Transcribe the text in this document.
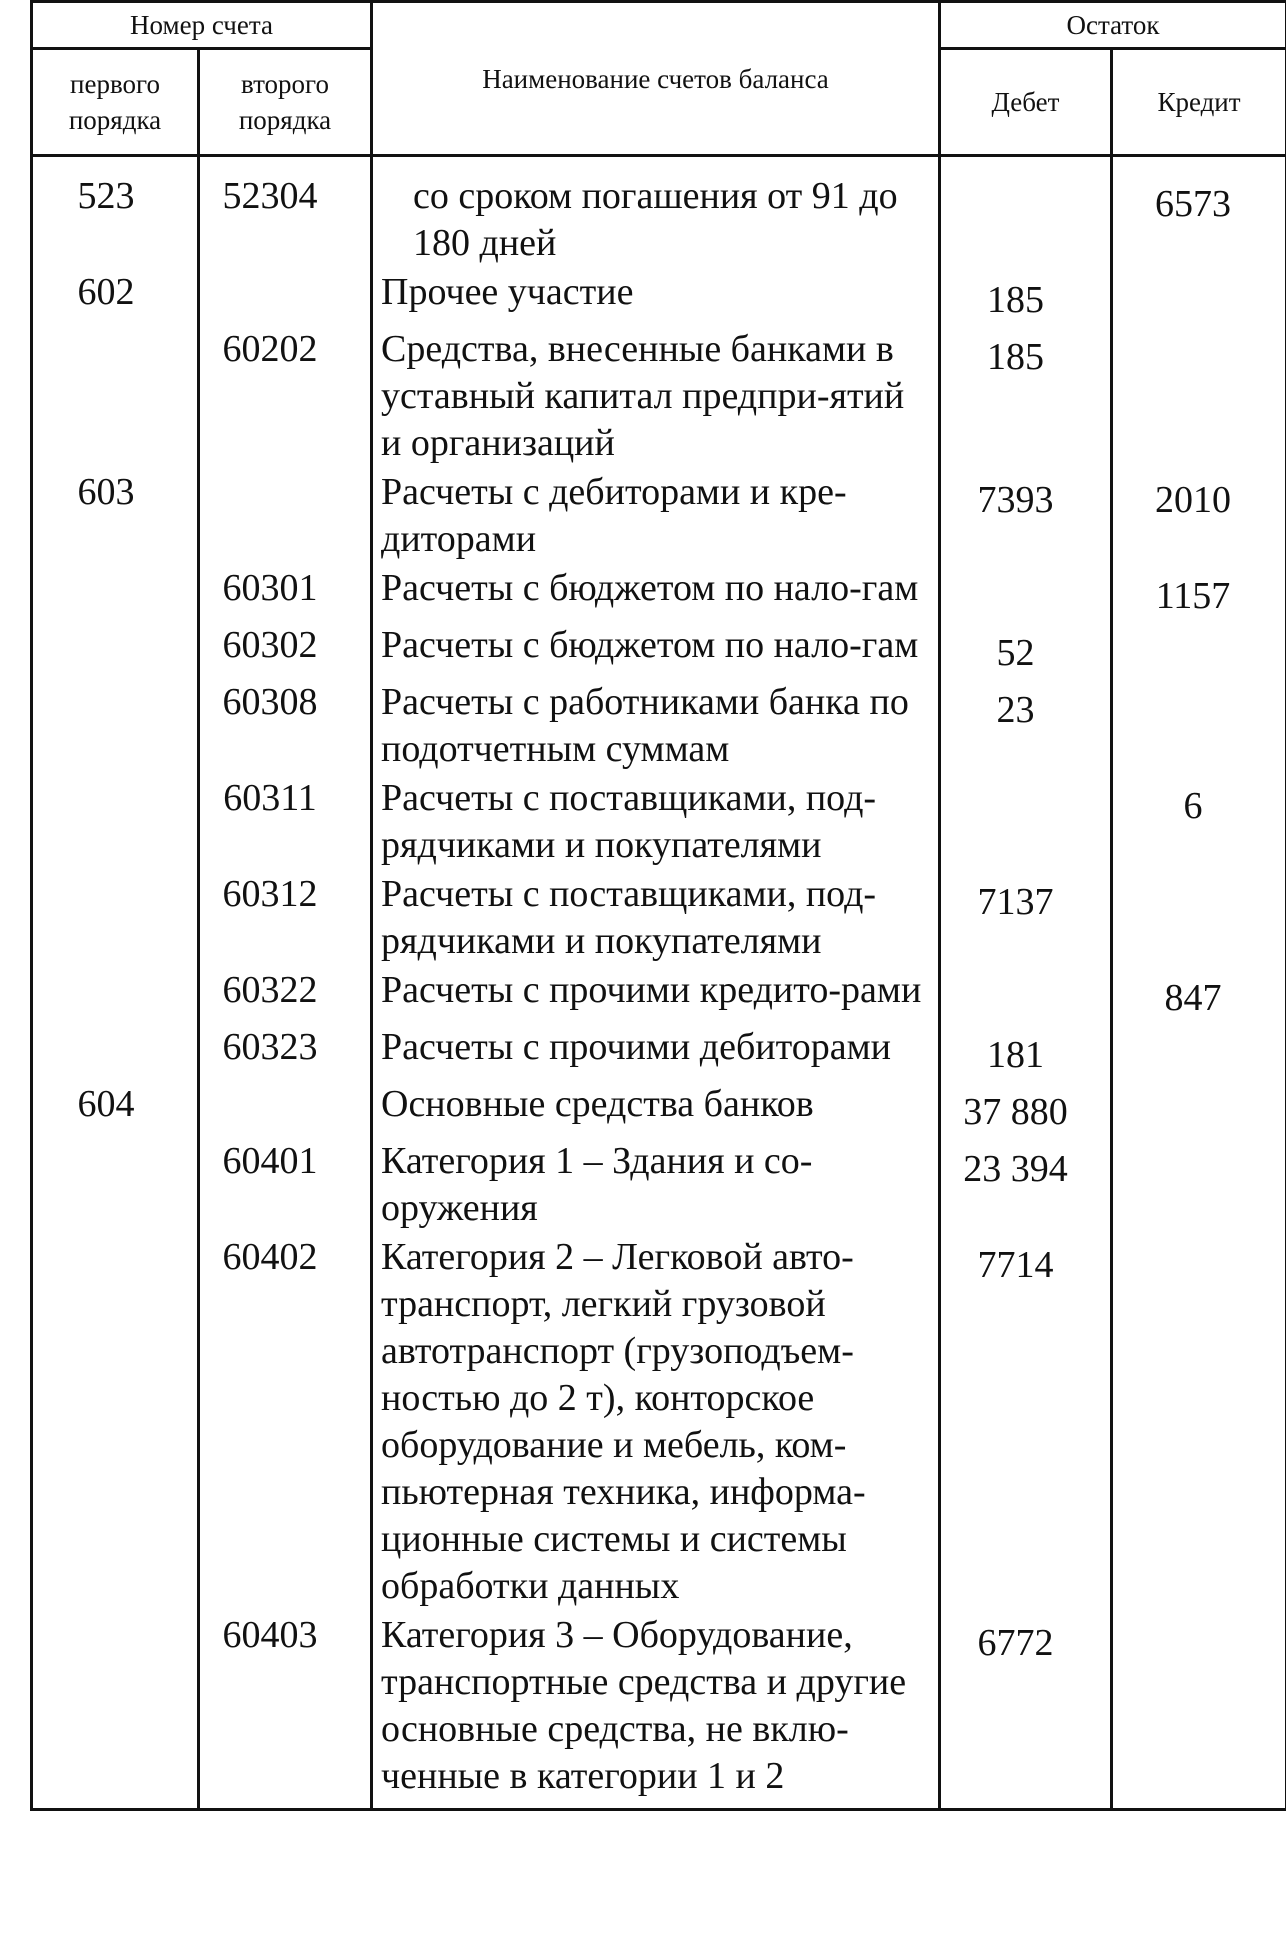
Номер счета		Наименование счетов баланса	Остаток	
первого порядка	второго порядка		Дебет	Кредит
523	52304	со сроком погашения от 91 до 180 дней		6573
602		Прочее участие	185	
	60202	Средства, внесенные банками в уставный капитал предпри-ятий и организаций	185	
603		Расчеты с дебиторами и кре-диторами	7393	2010
	60301	Расчеты с бюджетом по нало-гам		1157
	60302	Расчеты с бюджетом по нало-гам	52	
	60308	Расчеты с работниками банка по подотчетным суммам	23	
	60311	Расчеты с поставщиками, под-рядчиками и покупателями		6
	60312	Расчеты с поставщиками, под-рядчиками и покупателями	7137	
	60322	Расчеты с прочими кредито-рами		847
	60323	Расчеты с прочими дебиторами	181	
604		Основные средства банков	37 880	
	60401	Категория 1 – Здания и со-оружения	23 394	
	60402	Категория 2 – Легковой авто-транспорт, легкий грузовой автотранспорт (грузоподъем-ностью до 2 т), конторское оборудование и мебель, ком-пьютерная техника, информа-ционные системы и системы обработки данных	7714	
	60403	Категория 3 – Оборудование, транспортные средства и другие основные средства, не вклю-ченные в категории 1 и 2	6772	
